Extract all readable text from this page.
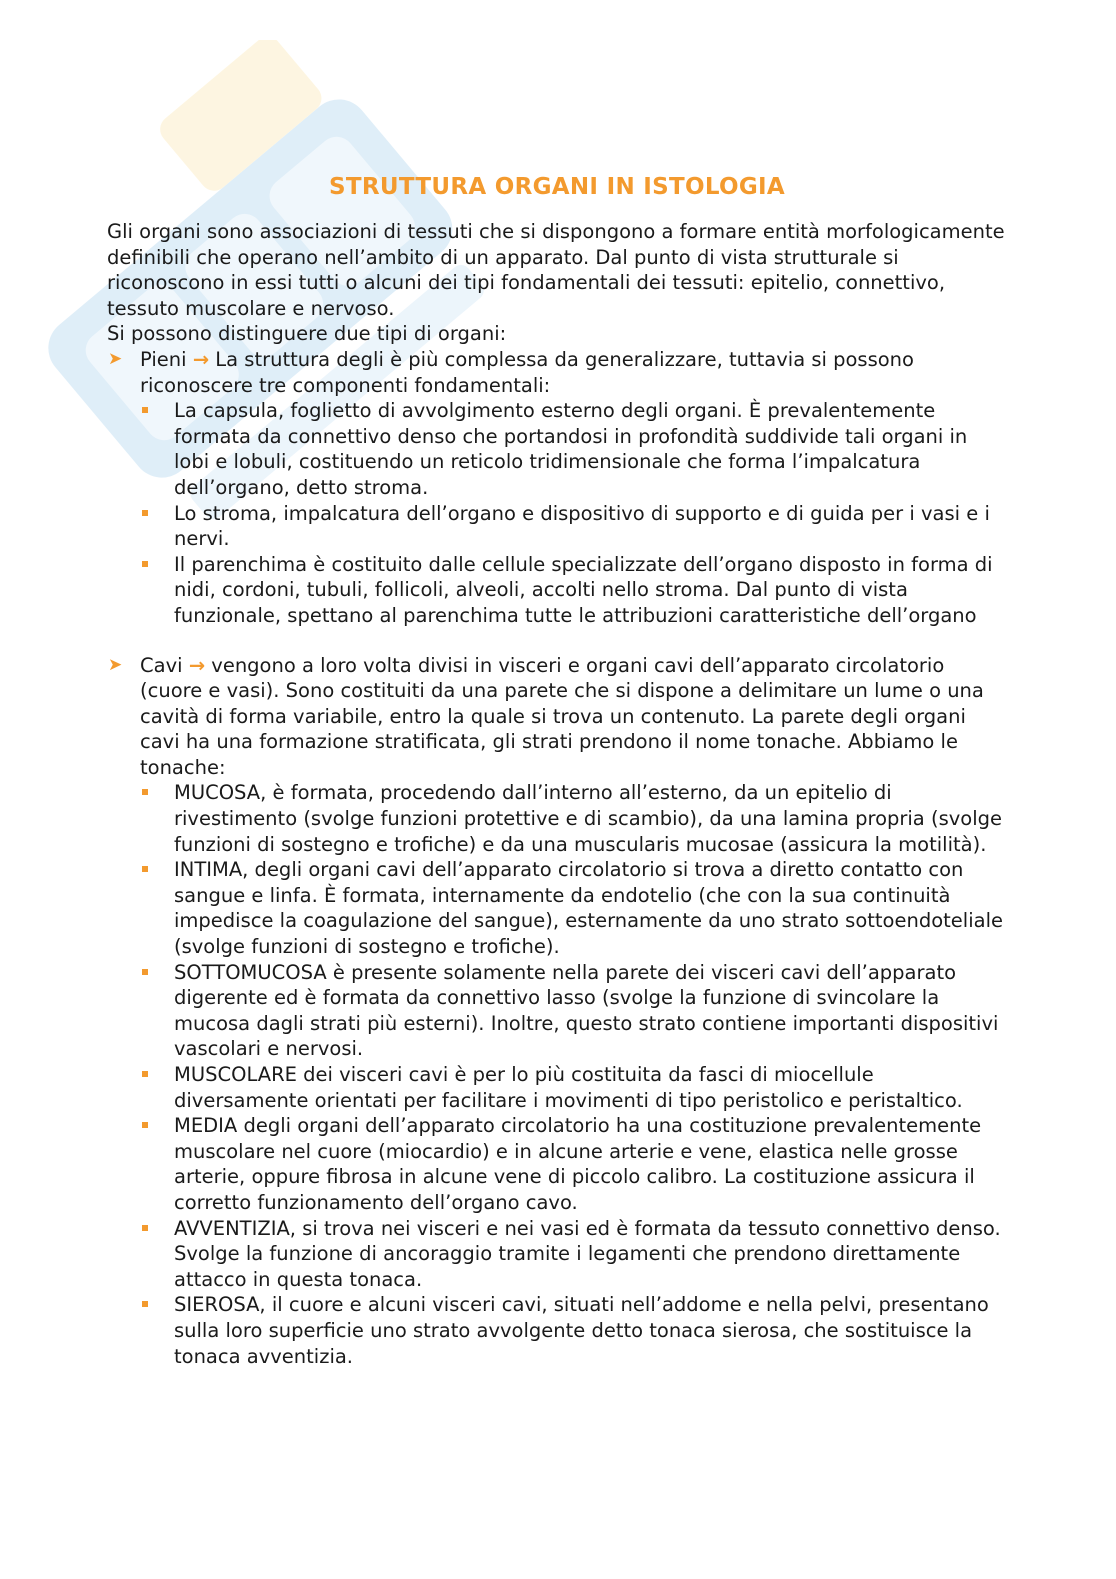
STRUTTURA ORGANI IN ISTOLOGIA

Gli organi sono associazioni di tessuti che si dispongono a formare entità morfologicamente definibili che operano nell’ambito di un apparato. Dal punto di vista strutturale si riconoscono in essi tutti o alcuni dei tipi fondamentali dei tessuti: epitelio, connettivo, tessuto muscolare e nervoso.

Si possono distinguere due tipi di organi:

➤ Pieni → La struttura degli è più complessa da generalizzare, tuttavia si possono riconoscere tre componenti fondamentali:
La capsula, foglietto di avvolgimento esterno degli organi. È prevalentemente formata da connettivo denso che portandosi in profondità suddivide tali organi in lobi e lobuli, costituendo un reticolo tridimensionale che forma l’impalcatura dell’organo, detto stroma.
Lo stroma, impalcatura dell’organo e dispositivo di supporto e di guida per i vasi e i nervi.
Il parenchima è costituito dalle cellule specializzate dell’organo disposto in forma di nidi, cordoni, tubuli, follicoli, alveoli, accolti nello stroma. Dal punto di vista funzionale, spettano al parenchima tutte le attribuzioni caratteristiche dell’organo
➤ Cavi → vengono a loro volta divisi in visceri e organi cavi dell’apparato circolatorio (cuore e vasi). Sono costituiti da una parete che si dispone a delimitare un lume o una cavità di forma variabile, entro la quale si trova un contenuto. La parete degli organi cavi ha una formazione stratificata, gli strati prendono il nome tonache. Abbiamo le tonache:
MUCOSA, è formata, procedendo dall’interno all’esterno, da un epitelio di rivestimento (svolge funzioni protettive e di scambio), da una lamina propria (svolge funzioni di sostegno e trofiche) e da una muscularis mucosae (assicura la motilità).
INTIMA, degli organi cavi dell’apparato circolatorio si trova a diretto contatto con sangue e linfa. È formata, internamente da endotelio (che con la sua continuità impedisce la coagulazione del sangue), esternamente da uno strato sottoendoteliale (svolge funzioni di sostegno e trofiche).
SOTTOMUCOSA è presente solamente nella parete dei visceri cavi dell’apparato digerente ed è formata da connettivo lasso (svolge la funzione di svincolare la mucosa dagli strati più esterni). Inoltre, questo strato contiene importanti dispositivi vascolari e nervosi.
MUSCOLARE dei visceri cavi è per lo più costituita da fasci di miocellule diversamente orientati per facilitare i movimenti di tipo peristolico e peristaltico.
MEDIA degli organi dell’apparato circolatorio ha una costituzione prevalentemente muscolare nel cuore (miocardio) e in alcune arterie e vene, elastica nelle grosse arterie, oppure fibrosa in alcune vene di piccolo calibro. La costituzione assicura il corretto funzionamento dell’organo cavo.
AVVENTIZIA, si trova nei visceri e nei vasi ed è formata da tessuto connettivo denso. Svolge la funzione di ancoraggio tramite i legamenti che prendono direttamente attacco in questa tonaca.
SIEROSA, il cuore e alcuni visceri cavi, situati nell’addome e nella pelvi, presentano sulla loro superficie uno strato avvolgente detto tonaca sierosa, che sostituisce la tonaca avventizia.
